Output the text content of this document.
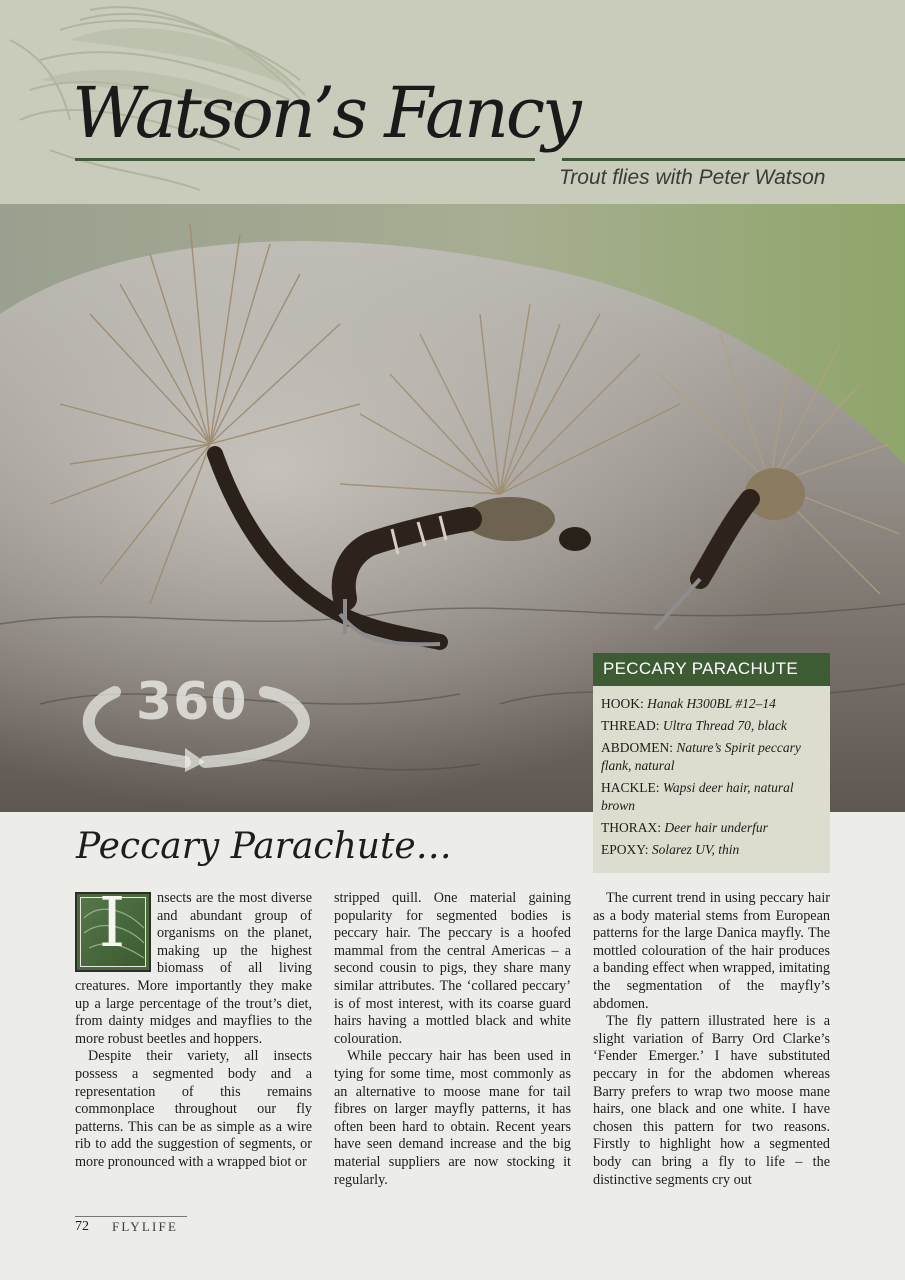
Watson’s Fancy
Trout flies with Peter Watson
360
PECCARY PARACHUTE
HOOK: Hanak H300BL #12–14
THREAD: Ultra Thread 70, black
ABDOMEN: Nature’s Spirit peccary flank, natural
HACKLE: Wapsi deer hair, natural brown
THORAX: Deer hair underfur
EPOXY: Solarez UV, thin
Peccary Parachute…
I	nsects are the most diverse and abundant group of organisms on the planet, making up the highest biomass of all living creatures. More importantly they make up a large percentage of the trout’s diet, from dainty midges and mayflies to the more robust beetles and hoppers.

Despite their variety, all insects possess a segmented body and a representation of this remains commonplace throughout our fly patterns. This can be as simple as a wire rib to add the suggestion of segments, or more pronounced with a wrapped biot or

stripped quill. One material gaining popularity for segmented bodies is peccary hair. The peccary is a hoofed mammal from the central Americas – a second cousin to pigs, they share many similar attributes. The ‘collared peccary’ is of most interest, with its coarse guard hairs having a mottled black and white colouration.

While peccary hair has been used in tying for some time, most commonly as an alternative to moose mane for tail fibres on larger mayfly patterns, it has often been hard to obtain. Recent years have seen demand increase and the big material suppliers are now stocking it regularly.

The current trend in using peccary hair as a body material stems from European patterns for the large Danica mayfly. The mottled colouration of the hair produces a banding effect when wrapped, imitating the segmentation of the mayfly’s abdomen.

The fly pattern illustrated here is a slight variation of Barry Ord Clarke’s ‘Fender Emerger.’ I have substituted peccary in for the abdomen whereas Barry prefers to wrap two moose mane hairs, one black and one white. I have chosen this pattern for two reasons. Firstly to highlight how a segmented body can bring a fly to life – the distinctive segments cry out

72 FLYLIFE
